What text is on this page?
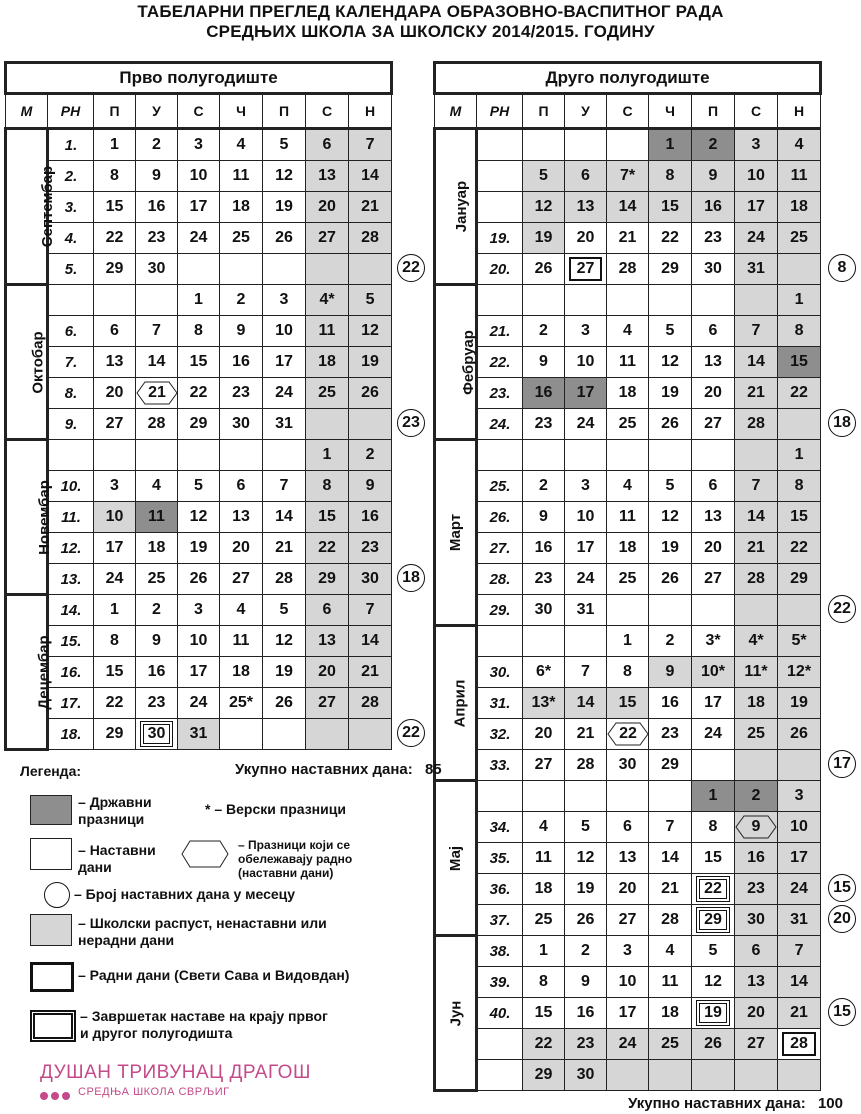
ТАБЕЛАРНИ ПРЕГЛЕД КАЛЕНДАРА ОБРАЗОВНО-ВАСПИТНОГ РАДА
СРЕДЊИХ ШКОЛА ЗА ШКОЛСКУ 2014/2015. ГОДИНУ
Прво полугодиште								
М	РН	П	У	С	Ч	П	С	Н
Септембар	1.	1	2	3	4	5	6	7
	2.	8	9	10	11	12	13	14
	3.	15	16	17	18	19	20	21
	4.	22	23	24	25	26	27	28
	5.	29	30					
Октобар				1	2	3	4*	5
	6.	6	7	8	9	10	11	12
	7.	13	14	15	16	17	18	19
	8.	20	21	22	23	24	25	26
	9.	27	28	29	30	31		
Новембар							1	2
	10.	3	4	5	6	7	8	9
	11.	10	11	12	13	14	15	16
	12.	17	18	19	20	21	22	23
	13.	24	25	26	27	28	29	30
Децембар	14.	1	2	3	4	5	6	7
	15.	8	9	10	11	12	13	14
	16.	15	16	17	18	19	20	21
	17.	22	23	24	25*	26	27	28
	18.	29	30	31				
Друго полугодиште								
М	РН	П	У	С	Ч	П	С	Н
Јануар					1	2	3	4
		5	6	7*	8	9	10	11
		12	13	14	15	16	17	18
	19.	19	20	21	22	23	24	25
	20.	26	27	28	29	30	31	
Фебруар								1
	21.	2	3	4	5	6	7	8
	22.	9	10	11	12	13	14	15
	23.	16	17	18	19	20	21	22
	24.	23	24	25	26	27	28	
Март								1
	25.	2	3	4	5	6	7	8
	26.	9	10	11	12	13	14	15
	27.	16	17	18	19	20	21	22
	28.	23	24	25	26	27	28	29
	29.	30	31					
Април				1	2	3*	4*	5*
	30.	6*	7	8	9	10*	11*	12*
	31.	13*	14	15	16	17	18	19
	32.	20	21	22	23	24	25	26
	33.	27	28	30	29			
Мај						1	2	3
	34.	4	5	6	7	8	9	10
	35.	11	12	13	14	15	16	17
	36.	18	19	20	21	22	23	24
	37.	25	26	27	28	29	30	31
Јун	38.	1	2	3	4	5	6	7
	39.	8	9	10	11	12	13	14
	40.	15	16	17	18	19	20	21
		22	23	24	25	26	27	28
		29	30					
22
23
18
22
8
18
22
17
15
20
15
Укупно наставних дана: 85
Укупно наставних дана: 100
Легенда:
– Државни празници
* – Верски празници
– Наставни дани
– Празници који се обележавају радно (наставни дани)
– Број наставних дана у месецу
– Школски распуст, ненаставни или нерадни дани
– Радни дани (Свети Сава и Видовдан)
– Завршетак наставе на крају првог и другог полугодишта
ДУШАН ТРИВУНАЦ ДРАГОШ
СРЕДЊА ШКОЛА СВРЉИГ
